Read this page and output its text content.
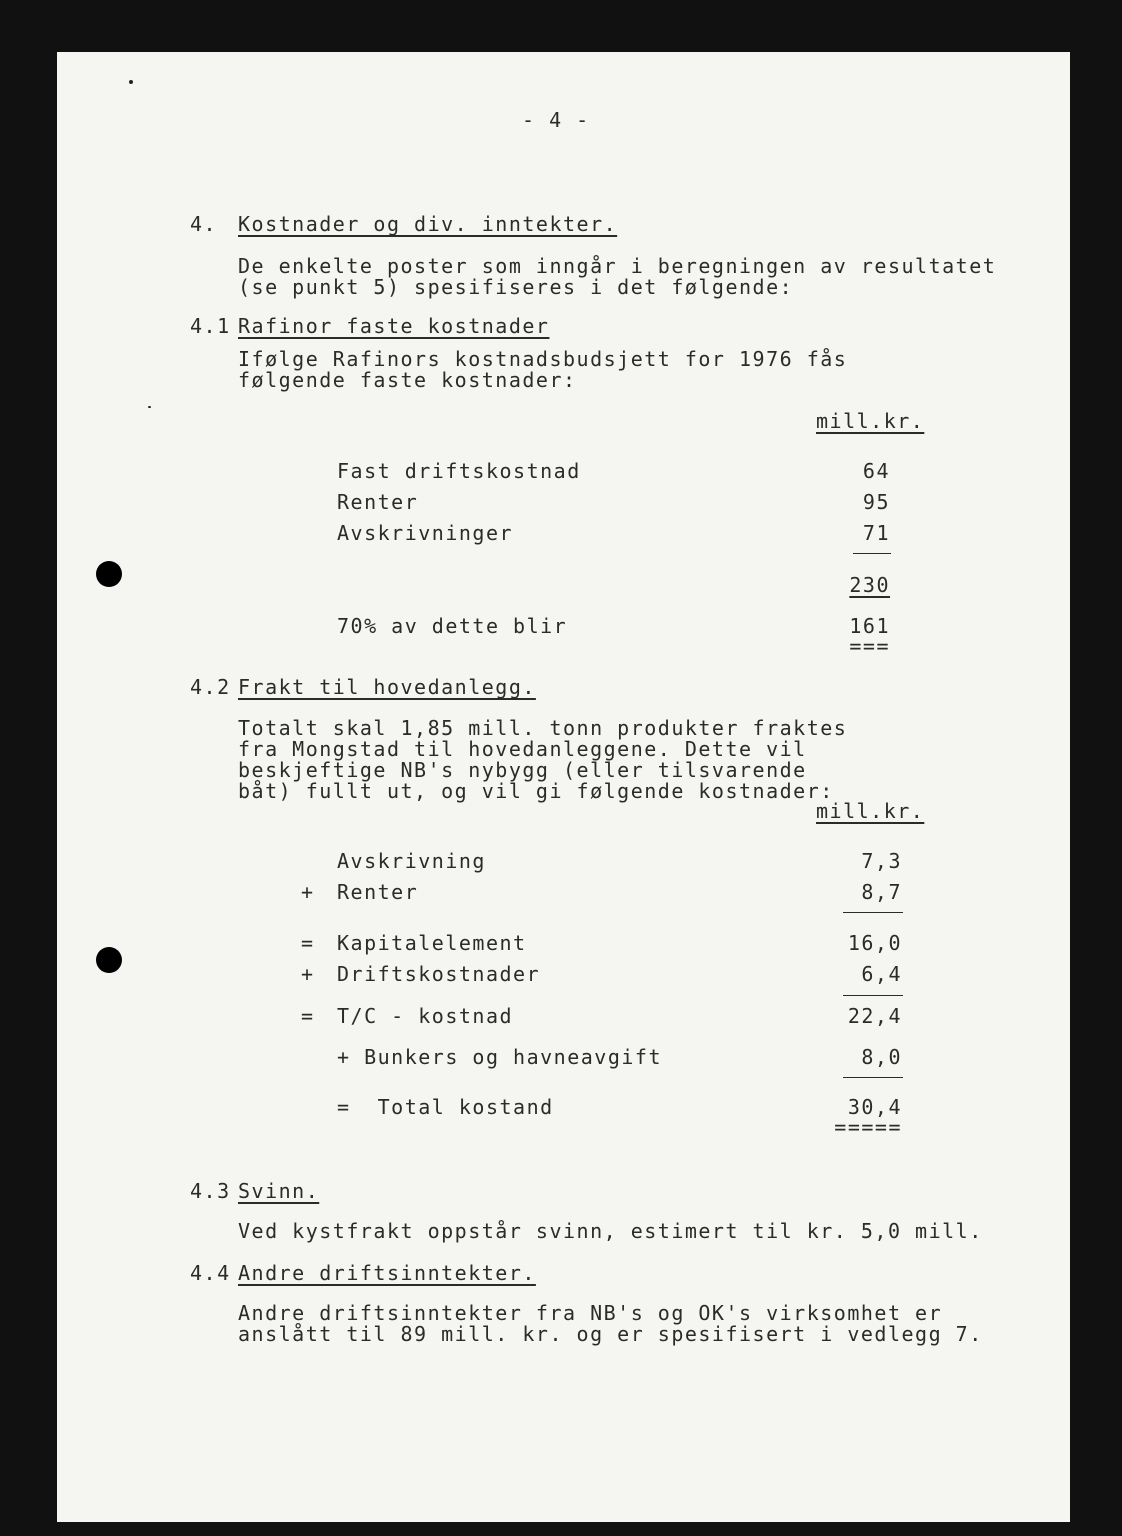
- 4 -
4. Kostnader og div. inntekter.
De enkelte poster som inngår i beregningen av resultatet
(se punkt 5) spesifiseres i det følgende:
4.1 Rafinor faste kostnader
Ifølge Rafinors kostnadsbudsjett for 1976 fås
følgende faste kostnader:
mill.kr.
Fast driftskostnad	64
Renter	95
Avskrivninger	71
230
70% av dette blir	161
===
4.2 Frakt til hovedanlegg.
Totalt skal 1,85 mill. tonn produkter fraktes
fra Mongstad til hovedanleggene. Dette vil
beskjeftige NB's nybygg (eller tilsvarende
båt) fullt ut, og vil gi følgende kostnader:
mill.kr.
Avskrivning	7,3
+ Renter	8,7
= Kapitalelement	16,0
+ Driftskostnader	6,4
= T/C - kostnad	22,4
+ Bunkers og havneavgift	8,0
=  Total kostand	30,4
=====
4.3 Svinn.
Ved kystfrakt oppstår svinn, estimert til kr. 5,0 mill.
4.4 Andre driftsinntekter.
Andre driftsinntekter fra NB's og OK's virksomhet er
anslått til 89 mill. kr. og er spesifisert i vedlegg 7.
